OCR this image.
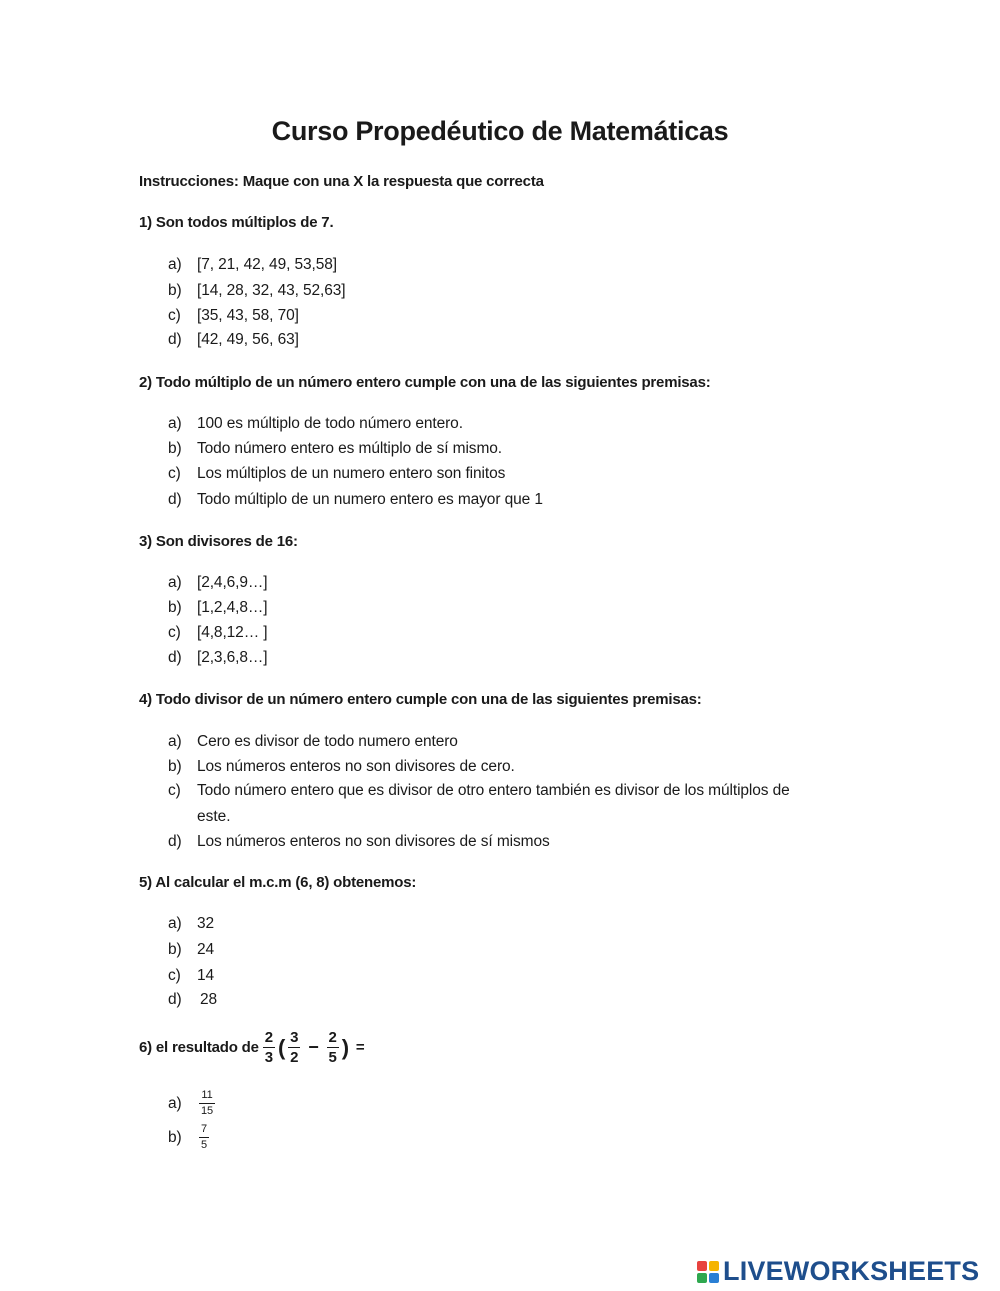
Curso Propedéutico de Matemáticas
Instrucciones: Maque con una X la respuesta que correcta
1) Son todos múltiplos de 7.
a) [7, 21, 42, 49, 53,58]
b) [14, 28, 32, 43, 52,63]
c) [35, 43, 58, 70]
d) [42, 49, 56, 63]
2) Todo múltiplo de un número entero cumple con una de las siguientes premisas:
a) 100 es múltiplo de todo número entero.
b) Todo número entero es múltiplo de sí mismo.
c) Los múltiplos de un numero entero son finitos
d) Todo múltiplo de un numero entero es mayor que 1
3) Son divisores de 16:
a) [2,4,6,9…]
b) [1,2,4,8…]
c) [4,8,12… ]
d) [2,3,6,8…]
4) Todo divisor de un número entero cumple con una de las siguientes premisas:
a) Cero es divisor de todo numero entero
b) Los números enteros no son divisores de cero.
c) Todo número entero que es divisor de otro entero también es divisor de los múltiplos de
este.
d) Los números enteros no son divisores de sí mismos
5) Al calcular el m.c.m (6, 8) obtenemos:
a) 32
b) 24
c) 14
d) 28
6) el resultado de $\frac{2}{3}$ ( $\frac{3}{2} - \frac{2}{5}$ ) =
a)	$\frac{11}{15}$
b)	$\frac{7}{5}$
LIVEWORKSHEETS
